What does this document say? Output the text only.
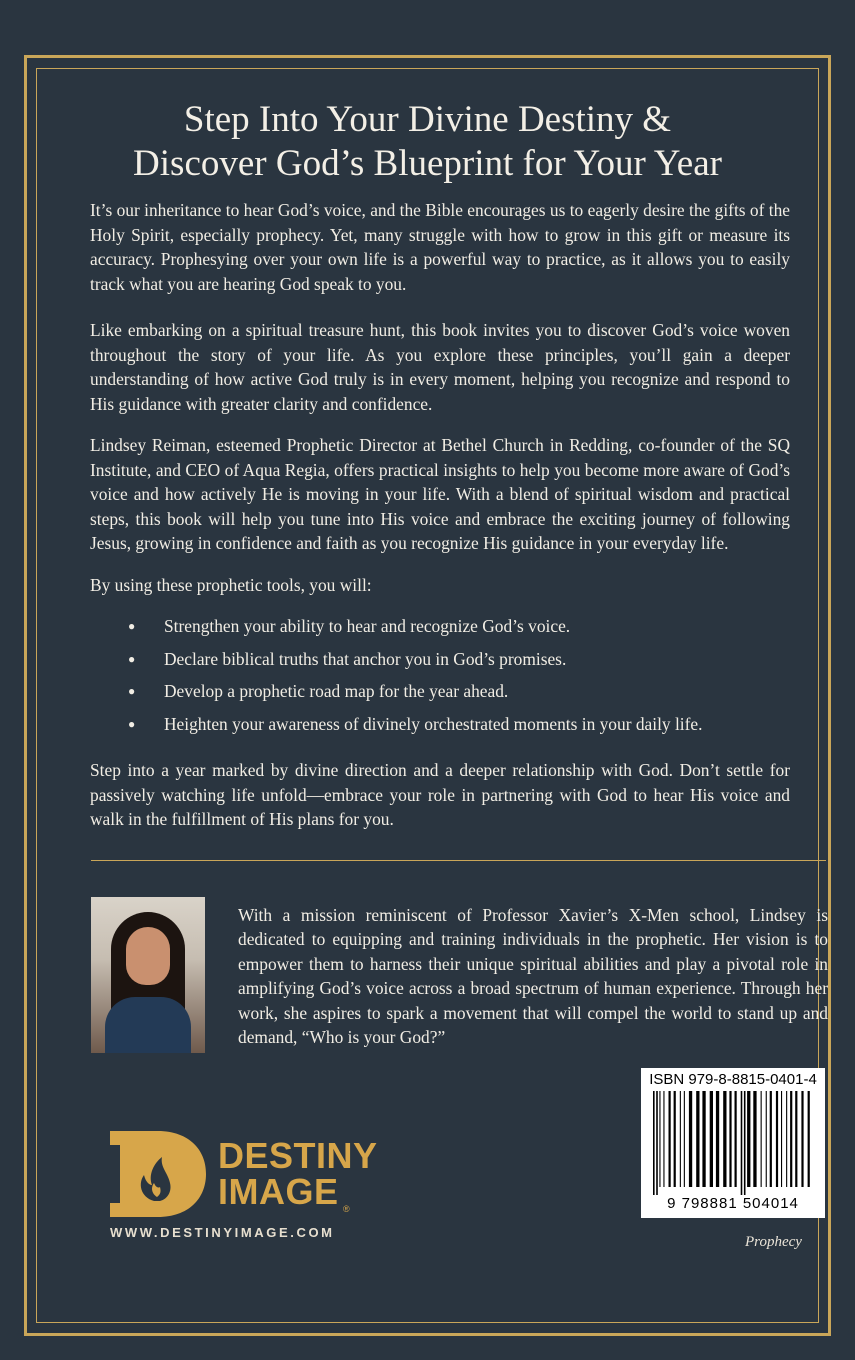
Step Into Your Divine Destiny &
Discover God’s Blueprint for Your Year

It’s our inheritance to hear God’s voice, and the Bible encourages us to eagerly desire the gifts of the Holy Spirit, especially prophecy. Yet, many struggle with how to grow in this gift or measure its accuracy. Prophesying over your own life is a powerful way to practice, as it allows you to easily track what you are hearing God speak to you.

Like embarking on a spiritual treasure hunt, this book invites you to discover God’s voice woven throughout the story of your life. As you explore these principles, you’ll gain a deeper understanding of how active God truly is in every moment, helping you recognize and respond to His guidance with greater clarity and confidence.

Lindsey Reiman, esteemed Prophetic Director at Bethel Church in Redding, co-founder of the SQ Institute, and CEO of Aqua Regia, offers practical insights to help you become more aware of God’s voice and how actively He is moving in your life. With a blend of spiritual wisdom and practical steps, this book will help you tune into His voice and embrace the exciting journey of following Jesus, growing in confidence and faith as you recognize His guidance in your everyday life.

By using these prophetic tools, you will:

● Strengthen your ability to hear and recognize God’s voice.
● Declare biblical truths that anchor you in God’s promises.
● Develop a prophetic road map for the year ahead.
● Heighten your awareness of divinely orchestrated moments in your daily life.

Step into a year marked by divine direction and a deeper relationship with God. Don’t settle for passively watching life unfold—embrace your role in partnering with God to hear His voice and walk in the fulfillment of His plans for you.

With a mission reminiscent of Professor Xavier’s X-Men school, Lindsey is dedicated to equipping and training individuals in the prophetic. Her vision is to empower them to harness their unique spiritual abilities and play a pivotal role in amplifying God’s voice across a broad spectrum of human experience. Through her work, she aspires to spark a movement that will compel the world to stand up and demand, “Who is your God?”

DESTINY
IMAGE ®
WWW.DESTINYIMAGE.COM
ISBN 979-8-8815-0401-4
9 798881 504014
Prophecy
